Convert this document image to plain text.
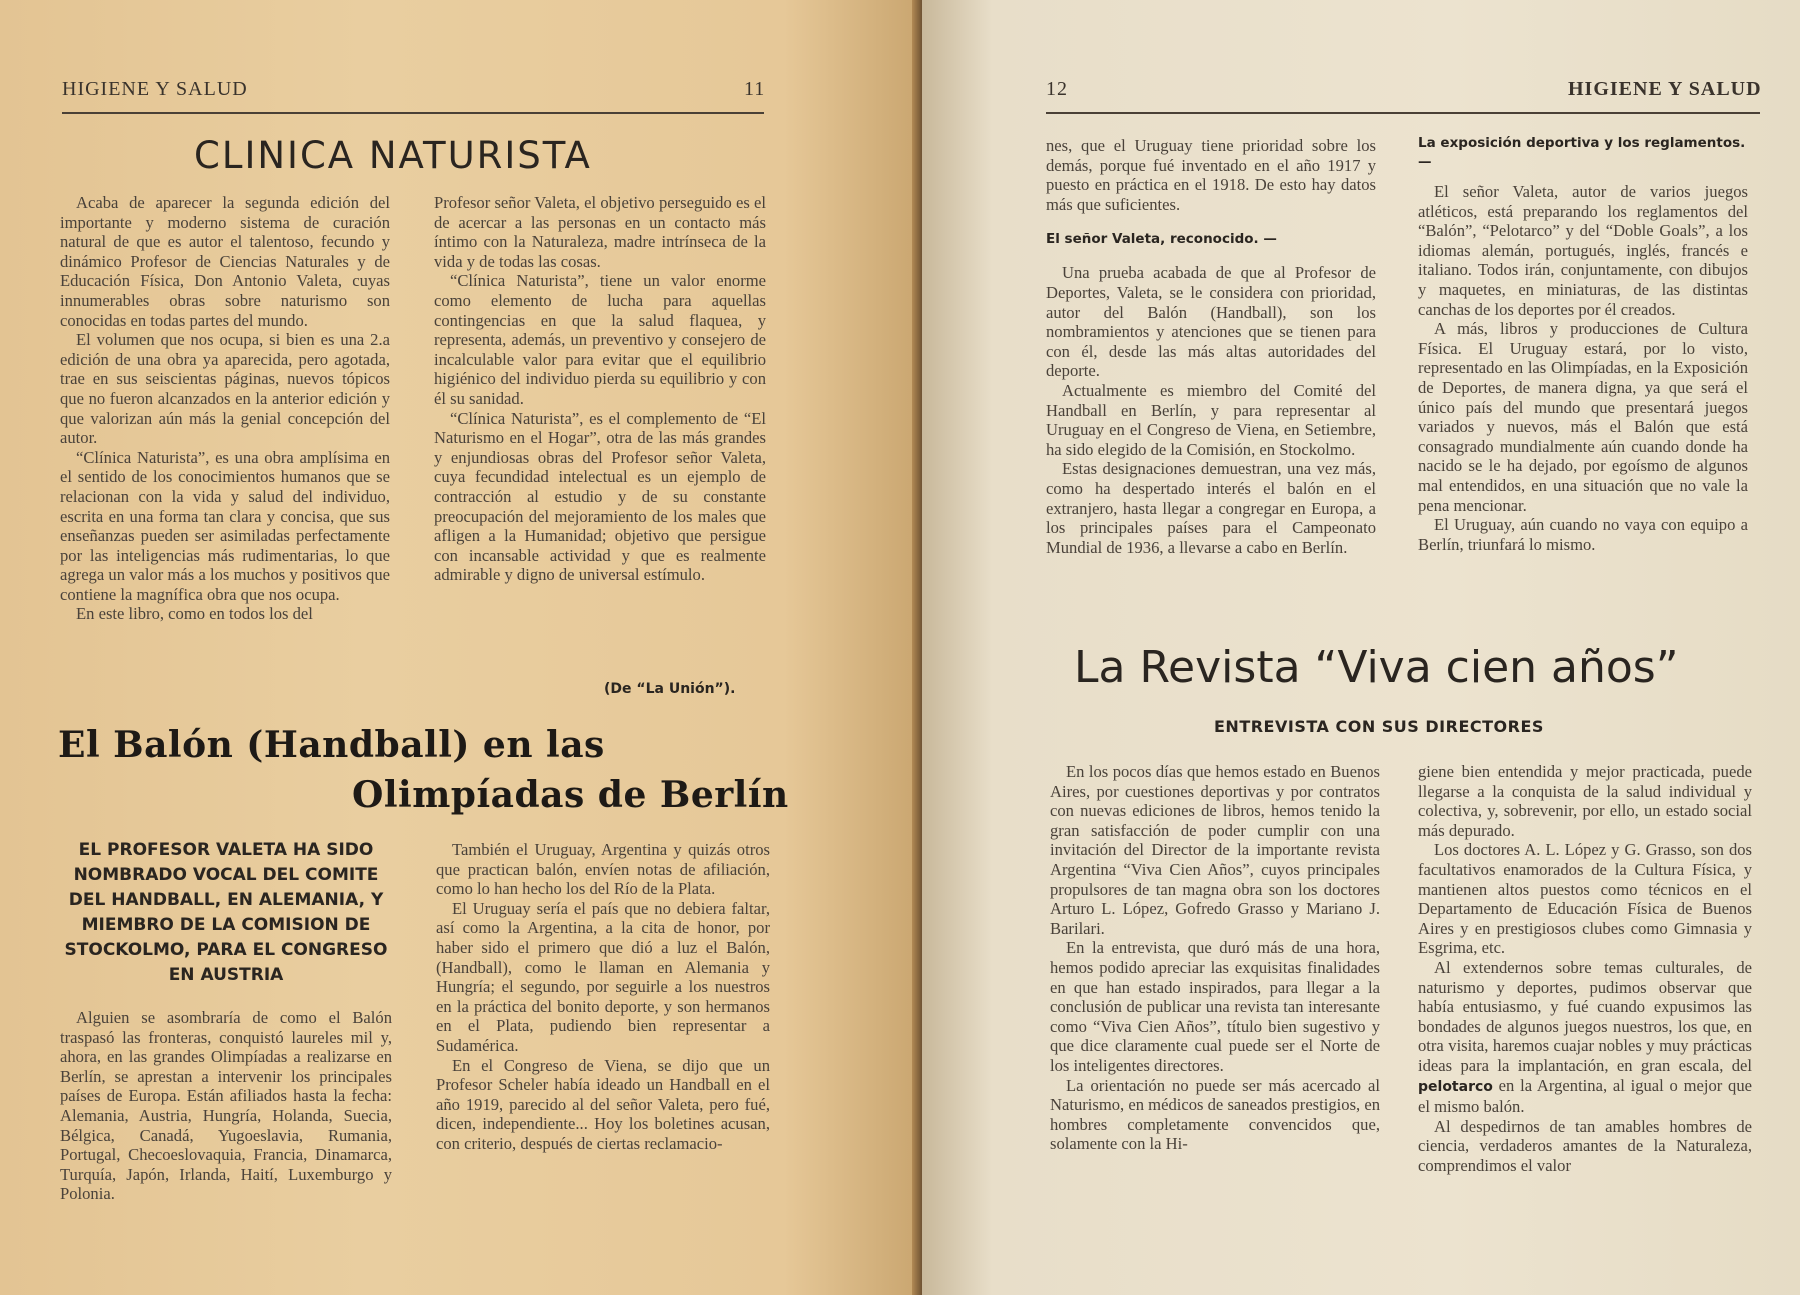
HIGIENE Y SALUD	11
CLINICA NATURISTA

Acaba de aparecer la segunda edición del importante y moderno sistema de curación natural de que es autor el talentoso, fecundo y dinámico Profesor de Ciencias Naturales y de Educación Física, Don Antonio Valeta, cuyas innumerables obras sobre naturismo son conocidas en todas partes del mundo.

El volumen que nos ocupa, si bien es una 2.a edición de una obra ya aparecida, pero agotada, trae en sus seiscientas páginas, nuevos tópicos que no fueron alcanzados en la anterior edición y que valorizan aún más la genial concepción del autor.

“Clínica Naturista”, es una obra amplísima en el sentido de los conocimientos humanos que se relacionan con la vida y salud del individuo, escrita en una forma tan clara y concisa, que sus enseñanzas pueden ser asimiladas perfectamente por las inteligencias más rudimentarias, lo que agrega un valor más a los muchos y positivos que contiene la magnífica obra que nos ocupa.

En este libro, como en todos los del

Profesor señor Valeta, el objetivo perseguido es el de acercar a las personas en un contacto más íntimo con la Naturaleza, madre intrínseca de la vida y de todas las cosas.

“Clínica Naturista”, tiene un valor enorme como elemento de lucha para aquellas contingencias en que la salud flaquea, y representa, además, un preventivo y consejero de incalculable valor para evitar que el equilibrio higiénico del individuo pierda su equilibrio y con él su sanidad.

“Clínica Naturista”, es el complemento de “El Naturismo en el Hogar”, otra de las más grandes y enjundiosas obras del Profesor señor Valeta, cuya fecundidad intelectual es un ejemplo de contracción al estudio y de su constante preocupación del mejoramiento de los males que afligen a la Humanidad; objetivo que persigue con incansable actividad y que es realmente admirable y digno de universal estímulo.

(De “La Unión”).
El Balón (Handball) en las
Olimpíadas de Berlín
EL PROFESOR VALETA HA SIDO NOMBRADO VOCAL DEL COMITE DEL HANDBALL, EN ALEMANIA, Y MIEMBRO DE LA COMISION DE STOCKOLMO, PARA EL CONGRESO EN AUSTRIA

Alguien se asombraría de como el Balón traspasó las fronteras, conquistó laureles mil y, ahora, en las grandes Olimpíadas a realizarse en Berlín, se aprestan a intervenir los principales países de Europa. Están afiliados hasta la fecha: Alemania, Austria, Hungría, Holanda, Suecia, Bélgica, Canadá, Yugoeslavia, Rumania, Portugal, Checoeslovaquia, Francia, Dinamarca, Turquía, Japón, Irlanda, Haití, Luxemburgo y Polonia.

También el Uruguay, Argentina y quizás otros que practican balón, envíen notas de afiliación, como lo han hecho los del Río de la Plata.

El Uruguay sería el país que no debiera faltar, así como la Argentina, a la cita de honor, por haber sido el primero que dió a luz el Balón, (Handball), como le llaman en Alemania y Hungría; el segundo, por seguirle a los nuestros en la práctica del bonito deporte, y son hermanos en el Plata, pudiendo bien representar a Sudamérica.

En el Congreso de Viena, se dijo que un Profesor Scheler había ideado un Handball en el año 1919, parecido al del señor Valeta, pero fué, dicen, independiente... Hoy los boletines acusan, con criterio, después de ciertas reclamacio-

12	HIGIENE Y SALUD

nes, que el Uruguay tiene prioridad sobre los demás, porque fué inventado en el año 1917 y puesto en práctica en el 1918. De esto hay datos más que suficientes.

El señor Valeta, reconocido. —

Una prueba acabada de que al Profesor de Deportes, Valeta, se le considera con prioridad, autor del Balón (Handball), son los nombramientos y atenciones que se tienen para con él, desde las más altas autoridades del deporte.

Actualmente es miembro del Comité del Handball en Berlín, y para representar al Uruguay en el Congreso de Viena, en Setiembre, ha sido elegido de la Comisión, en Stockolmo.

Estas designaciones demuestran, una vez más, como ha despertado interés el balón en el extranjero, hasta llegar a congregar en Europa, a los principales países para el Campeonato Mundial de 1936, a llevarse a cabo en Berlín.

La exposición deportiva y los reglamentos. —

El señor Valeta, autor de varios juegos atléticos, está preparando los reglamentos del “Balón”, “Pelotarco” y del “Doble Goals”, a los idiomas alemán, portugués, inglés, francés e italiano. Todos irán, conjuntamente, con dibujos y maquetes, en miniaturas, de las distintas canchas de los deportes por él creados.

A más, libros y producciones de Cultura Física. El Uruguay estará, por lo visto, representado en las Olimpíadas, en la Exposición de Deportes, de manera digna, ya que será el único país del mundo que presentará juegos variados y nuevos, más el Balón que está consagrado mundialmente aún cuando donde ha nacido se le ha dejado, por egoísmo de algunos mal entendidos, en una situación que no vale la pena mencionar.

El Uruguay, aún cuando no vaya con equipo a Berlín, triunfará lo mismo.

La Revista “Viva cien años”
ENTREVISTA CON SUS DIRECTORES

En los pocos días que hemos estado en Buenos Aires, por cuestiones deportivas y por contratos con nuevas ediciones de libros, hemos tenido la gran satisfacción de poder cumplir con una invitación del Director de la importante revista Argentina “Viva Cien Años”, cuyos principales propulsores de tan magna obra son los doctores Arturo L. López, Gofredo Grasso y Mariano J. Barilari.

En la entrevista, que duró más de una hora, hemos podido apreciar las exquisitas finalidades en que han estado inspirados, para llegar a la conclusión de publicar una revista tan interesante como “Viva Cien Años”, título bien sugestivo y que dice claramente cual puede ser el Norte de los inteligentes directores.

La orientación no puede ser más acercado al Naturismo, en médicos de saneados prestigios, en hombres completamente convencidos que, solamente con la Hi-

giene bien entendida y mejor practicada, puede llegarse a la conquista de la salud individual y colectiva, y, sobrevenir, por ello, un estado social más depurado.

Los doctores A. L. López y G. Grasso, son dos facultativos enamorados de la Cultura Física, y mantienen altos puestos como técnicos en el Departamento de Educación Física de Buenos Aires y en prestigiosos clubes como Gimnasia y Esgrima, etc.

Al extendernos sobre temas culturales, de naturismo y deportes, pudimos observar que había entusiasmo, y fué cuando expusimos las bondades de algunos juegos nuestros, los que, en otra visita, haremos cuajar nobles y muy prácticas ideas para la implantación, en gran escala, del pelotarco en la Argentina, al igual o mejor que el mismo balón.

Al despedirnos de tan amables hombres de ciencia, verdaderos amantes de la Naturaleza, comprendimos el valor
